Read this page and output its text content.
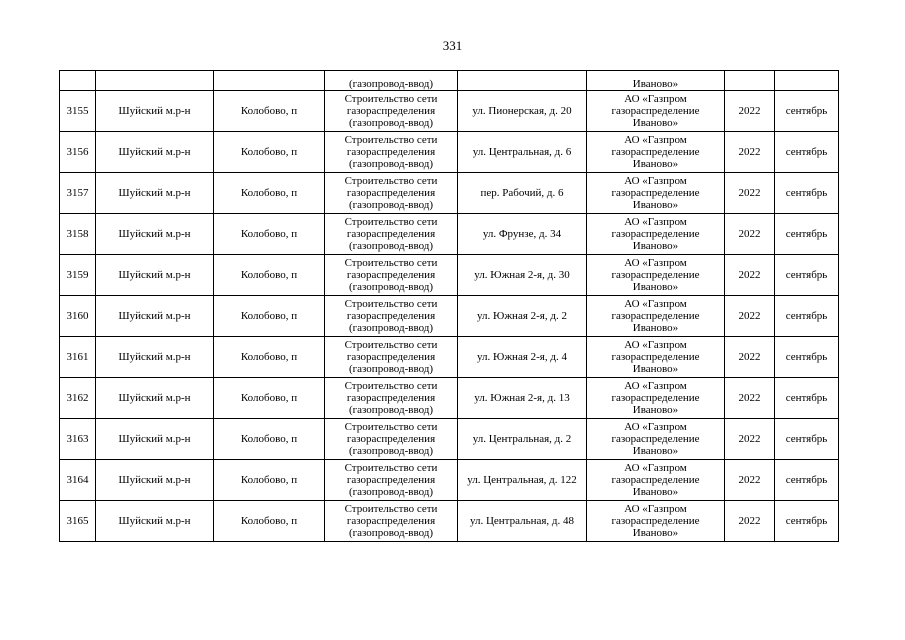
331
			(газопровод-ввод)		Иваново»		
3155	Шуйский м.р-н	Колобово, п	Строительство сети газораспределения (газопровод-ввод)	ул. Пионерская, д. 20	АО «Газпром газораспределение Иваново»	2022	сентябрь
3156	Шуйский м.р-н	Колобово, п	Строительство сети газораспределения (газопровод-ввод)	ул. Центральная, д. 6	АО «Газпром газораспределение Иваново»	2022	сентябрь
3157	Шуйский м.р-н	Колобово, п	Строительство сети газораспределения (газопровод-ввод)	пер. Рабочий, д. 6	АО «Газпром газораспределение Иваново»	2022	сентябрь
3158	Шуйский м.р-н	Колобово, п	Строительство сети газораспределения (газопровод-ввод)	ул. Фрунзе, д. 34	АО «Газпром газораспределение Иваново»	2022	сентябрь
3159	Шуйский м.р-н	Колобово, п	Строительство сети газораспределения (газопровод-ввод)	ул. Южная 2-я, д. 30	АО «Газпром газораспределение Иваново»	2022	сентябрь
3160	Шуйский м.р-н	Колобово, п	Строительство сети газораспределения (газопровод-ввод)	ул. Южная 2-я, д. 2	АО «Газпром газораспределение Иваново»	2022	сентябрь
3161	Шуйский м.р-н	Колобово, п	Строительство сети газораспределения (газопровод-ввод)	ул. Южная 2-я, д. 4	АО «Газпром газораспределение Иваново»	2022	сентябрь
3162	Шуйский м.р-н	Колобово, п	Строительство сети газораспределения (газопровод-ввод)	ул. Южная 2-я, д. 13	АО «Газпром газораспределение Иваново»	2022	сентябрь
3163	Шуйский м.р-н	Колобово, п	Строительство сети газораспределения (газопровод-ввод)	ул. Центральная, д. 2	АО «Газпром газораспределение Иваново»	2022	сентябрь
3164	Шуйский м.р-н	Колобово, п	Строительство сети газораспределения (газопровод-ввод)	ул. Центральная, д. 122	АО «Газпром газораспределение Иваново»	2022	сентябрь
3165	Шуйский м.р-н	Колобово, п	Строительство сети газораспределения (газопровод-ввод)	ул. Центральная, д. 48	АО «Газпром газораспределение Иваново»	2022	сентябрь
